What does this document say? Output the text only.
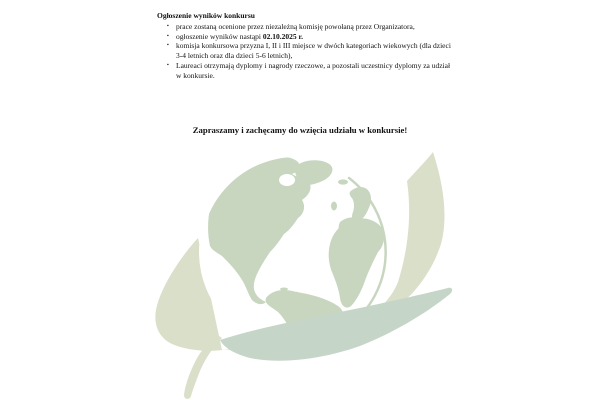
Ogłoszenie wyników konkursu

▪ prace zostaną ocenione przez niezależną komisję powołaną przez Organizatora,
▪ ogłoszenie wyników nastąpi 02.10.2025 r.
▪ komisja konkursowa przyzna I, II i III miejsce w dwóch kategoriach wiekowych (dla dzieci 3-4 letnich oraz dla dzieci 5-6 letnich),
▪ Laureaci otrzymają dyplomy i nagrody rzeczowe, a pozostali uczestnicy dyplomy za udział w konkursie.

Zapraszamy i zachęcamy do wzięcia udziału w konkursie!
